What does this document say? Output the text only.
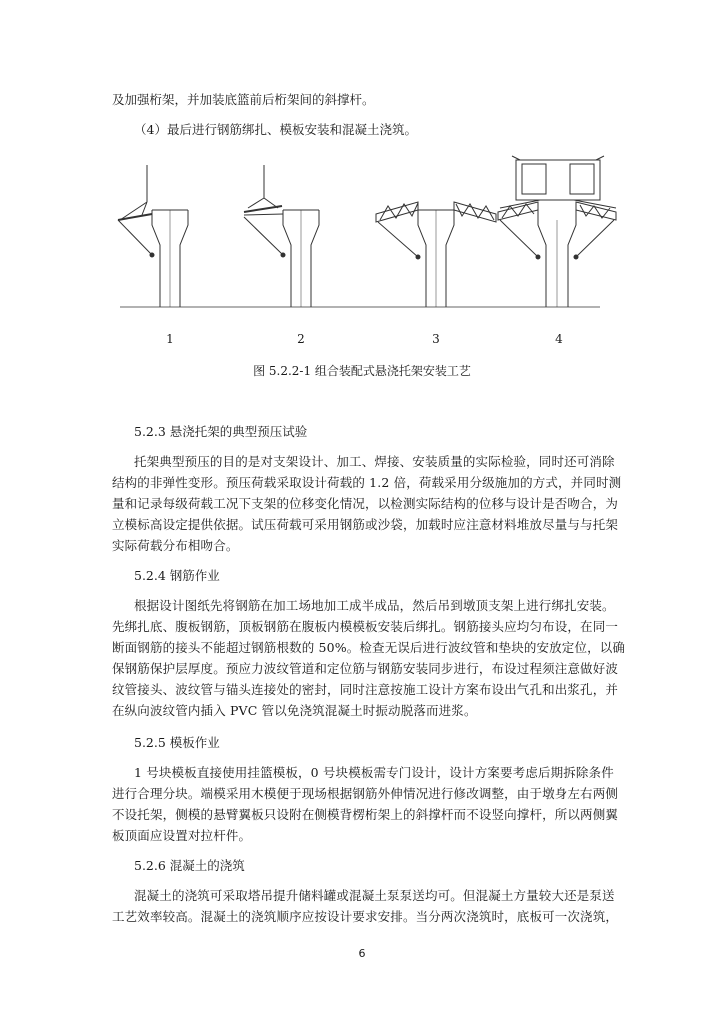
及加强桁架，并加装底篮前后桁架间的斜撑杆。
（4）最后进行钢筋绑扎、模板安装和混凝土浇筑。
1	2	3	4
图 5.2.2-1 组合装配式悬浇托架安装工艺
5.2.3 悬浇托架的典型预压试验

托架典型预压的目的是对支架设计、加工、焊接、安装质量的实际检验，同时还可消除

结构的非弹性变形。预压荷载采取设计荷载的 1.2 倍，荷载采用分级施加的方式，并同时测

量和记录每级荷载工况下支架的位移变化情况，以检测实际结构的位移与设计是否吻合，为

立模标高设定提供依据。试压荷载可采用钢筋或沙袋，加载时应注意材料堆放尽量与与托架

实际荷载分布相吻合。

5.2.4 钢筋作业

根据设计图纸先将钢筋在加工场地加工成半成品，然后吊到墩顶支架上进行绑扎安装。

先绑扎底、腹板钢筋，顶板钢筋在腹板内模模板安装后绑扎。钢筋接头应均匀布设，在同一

断面钢筋的接头不能超过钢筋根数的 50%。检查无误后进行波纹管和垫块的安放定位，以确

保钢筋保护层厚度。预应力波纹管道和定位筋与钢筋安装同步进行，布设过程须注意做好波

纹管接头、波纹管与锚头连接处的密封，同时注意按施工设计方案布设出气孔和出浆孔，并

在纵向波纹管内插入 PVC 管以免浇筑混凝土时振动脱落而进浆。

5.2.5 模板作业

1 号块模板直接使用挂篮模板，0 号块模板需专门设计，设计方案要考虑后期拆除条件

进行合理分块。端模采用木模便于现场根据钢筋外伸情况进行修改调整，由于墩身左右两侧

不设托架，侧模的悬臂翼板只设附在侧模背楞桁架上的斜撑杆而不设竖向撑杆，所以两侧翼

板顶面应设置对拉杆件。

5.2.6 混凝土的浇筑

混凝土的浇筑可采取塔吊提升储料罐或混凝土泵泵送均可。但混凝土方量较大还是泵送

工艺效率较高。混凝土的浇筑顺序应按设计要求安排。当分两次浇筑时，底板可一次浇筑，

6
